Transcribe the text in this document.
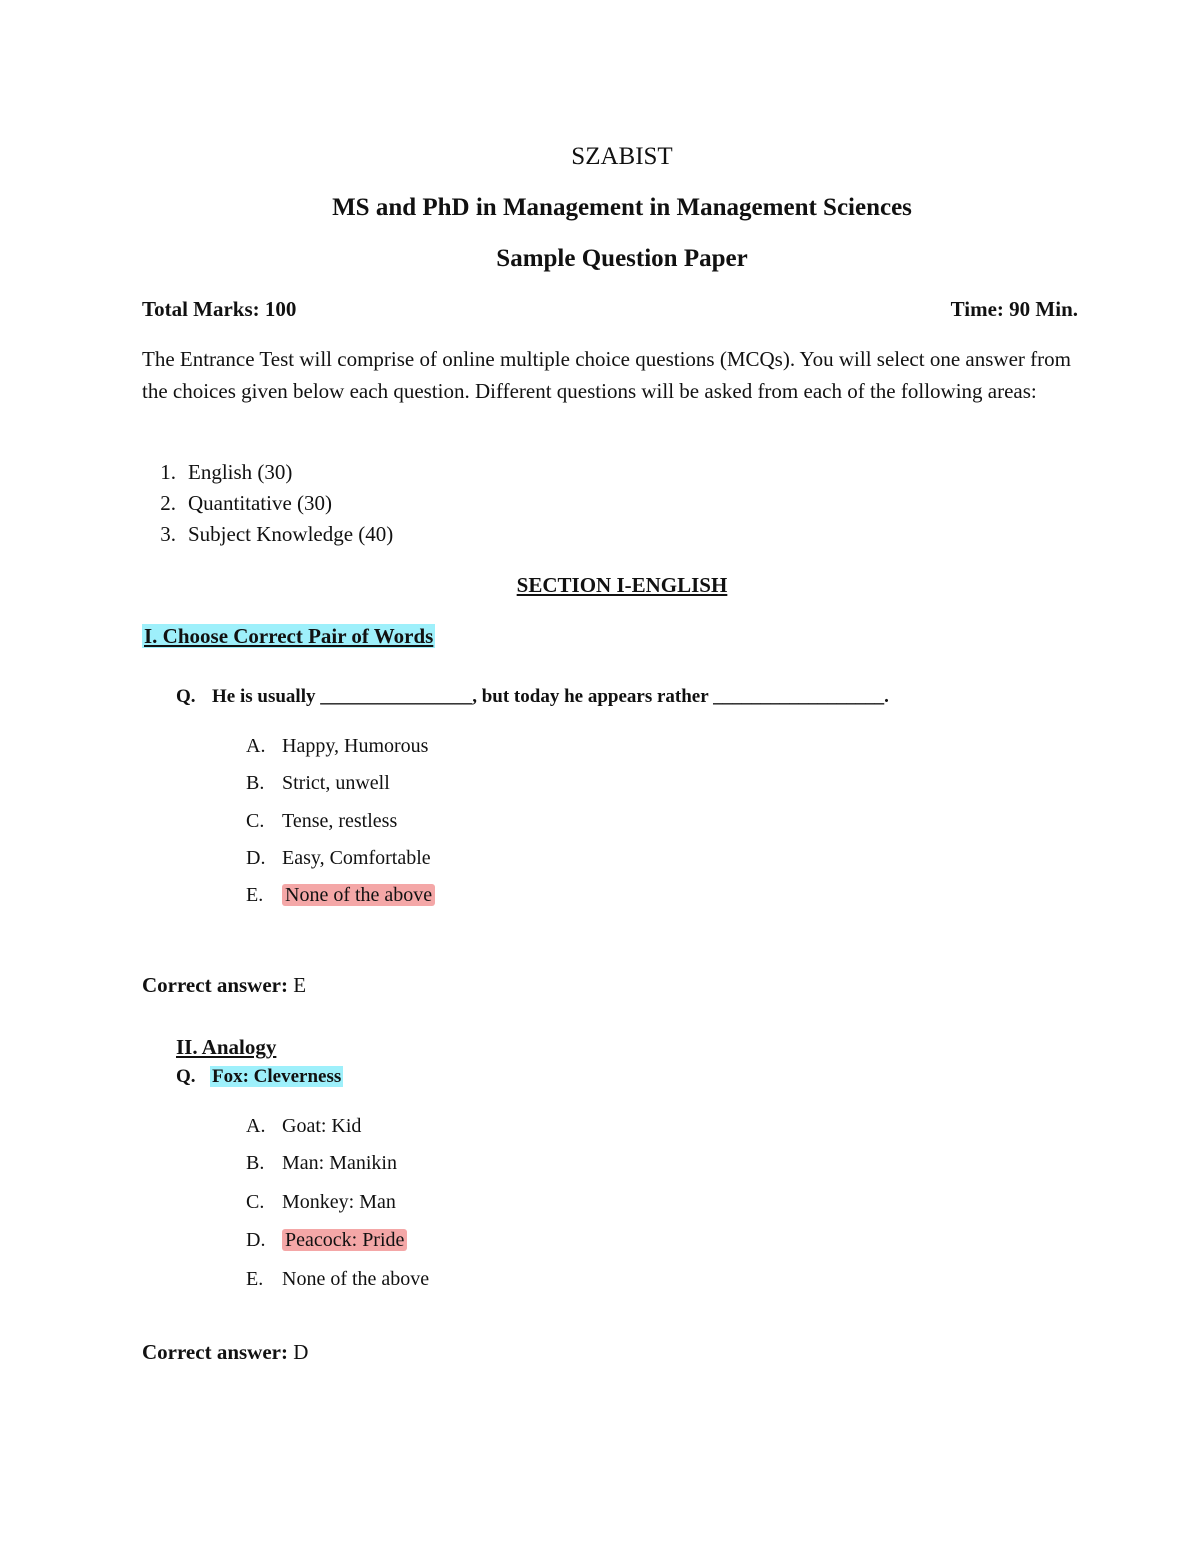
SZABIST
MS and PhD in Management in Management Sciences
Sample Question Paper
Total Marks: 100	Time: 90 Min.
The Entrance Test will comprise of online multiple choice questions (MCQs). You will select one answer from the choices given below each question. Different questions will be asked from each of the following areas:
1. English (30)
2. Quantitative (30)
3. Subject Knowledge (40)
SECTION I-ENGLISH
I. Choose Correct Pair of Words
Q. He is usually ________________, but today he appears rather __________________.
A. Happy, Humorous
B. Strict, unwell
C. Tense, restless
D. Easy, Comfortable
E. None of the above
Correct answer: E
II. Analogy
Q. Fox: Cleverness
A. Goat: Kid
B. Man: Manikin
C. Monkey: Man
D. Peacock: Pride
E. None of the above
Correct answer: D
